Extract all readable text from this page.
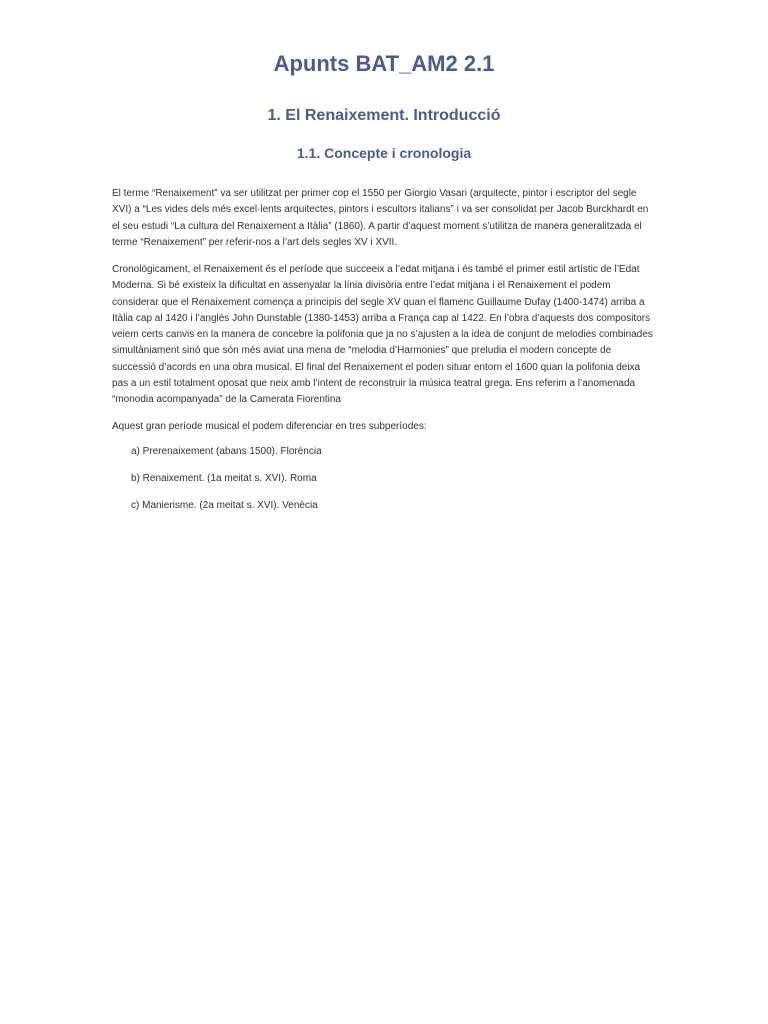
Apunts BAT_AM2 2.1
1. El Renaixement. Introducció
1.1. Concepte i cronologia

El terme “Renaixement” va ser utilitzat per primer cop el 1550 per Giorgio Vasari (arquitecte, pintor i escriptor del segle XVI) a “Les vides dels més excel·lents arquitectes, pintors i escultors italians” i va ser consolidat per Jacob Burckhardt en el seu estudi “La cultura del Renaixement a Itàlia” (1860). A partir d’aquest moment s’utilitza de manera generalitzada el terme “Renaixement” per referir-nos a l’art dels segles XV i XVII.

Cronològicament, el Renaixement és el període que succeeix a l’edat mitjana i és també el primer estil artístic de l’Edat Moderna. Si bé existeix la dificultat en assenyalar la línia divisòria entre l’edat mitjana i el Renaixement el podem considerar que el Renaixement comença a principis del segle XV quan el flamenc Guillaume Dufay (1400-1474) arriba a Itàlia cap al 1420 i l’anglès John Dunstable (1380-1453) arriba a França cap al 1422. En l’obra d’aquests dos compositors veiem certs canvis en la manera de concebre la polifonia que ja no s’ajusten a la idea de conjunt de melodies combinades simultàniament sinó que són més aviat una mena de “melodia d’Harmonies” que preludia el modern concepte de successió d’acords en una obra musical. El final del Renaixement el poden situar entorn el 1600 quan la polifonia deixa pas a un estil totalment oposat que neix amb l’intent de reconstruir la música teatral grega. Ens referim a l’anomenada “monodia acompanyada” de la Camerata Fiorentina

Aquest gran període musical el podem diferenciar en tres subperíodes:

a) Prerenaixement (abans 1500). Florència
b) Renaixement. (1a meitat s. XVI). Roma
c) Manierisme. (2a meitat s. XVI). Venècia
